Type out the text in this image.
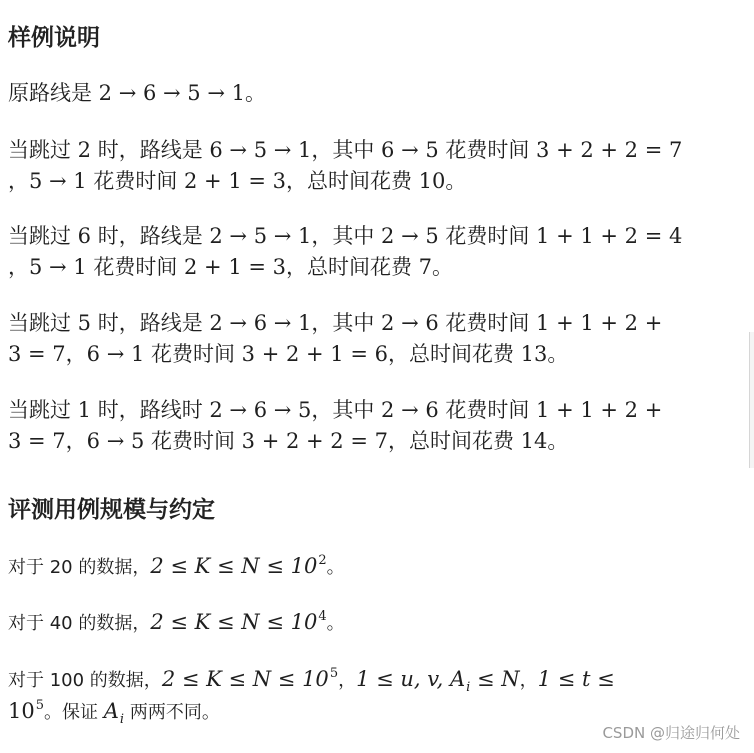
样例说明

原路线是 2 → 6 → 5 → 1。

当跳过 2 时，路线是 6 → 5 → 1，其中 6 → 5 花费时间 3 + 2 + 2 = 7

，5 → 1 花费时间 2 + 1 = 3，总时间花费 10。

当跳过 6 时，路线是 2 → 5 → 1，其中 2 → 5 花费时间 1 + 1 + 2 = 4

，5 → 1 花费时间 2 + 1 = 3，总时间花费 7。

当跳过 5 时，路线是 2 → 6 → 1，其中 2 → 6 花费时间 1 + 1 + 2 +

3 = 7，6 → 1 花费时间 3 + 2 + 1 = 6，总时间花费 13。

当跳过 1 时，路线时 2 → 6 → 5，其中 2 → 6 花费时间 1 + 1 + 2 +

3 = 7，6 → 5 花费时间 3 + 2 + 2 = 7，总时间花费 14。

评测用例规模与约定

对于 20 的数据，$2 \le K \le N \le 10^2$。

对于 40 的数据，$2 \le K \le N \le 10^4$。

对于 100 的数据，$2 \le K \le N \le 10^5$，1 ≤ u, v, $A_i \le N$，1 ≤ t ≤

$10^5$。保证 $A_i$ 两两不同。

CSDN @归途归何处
